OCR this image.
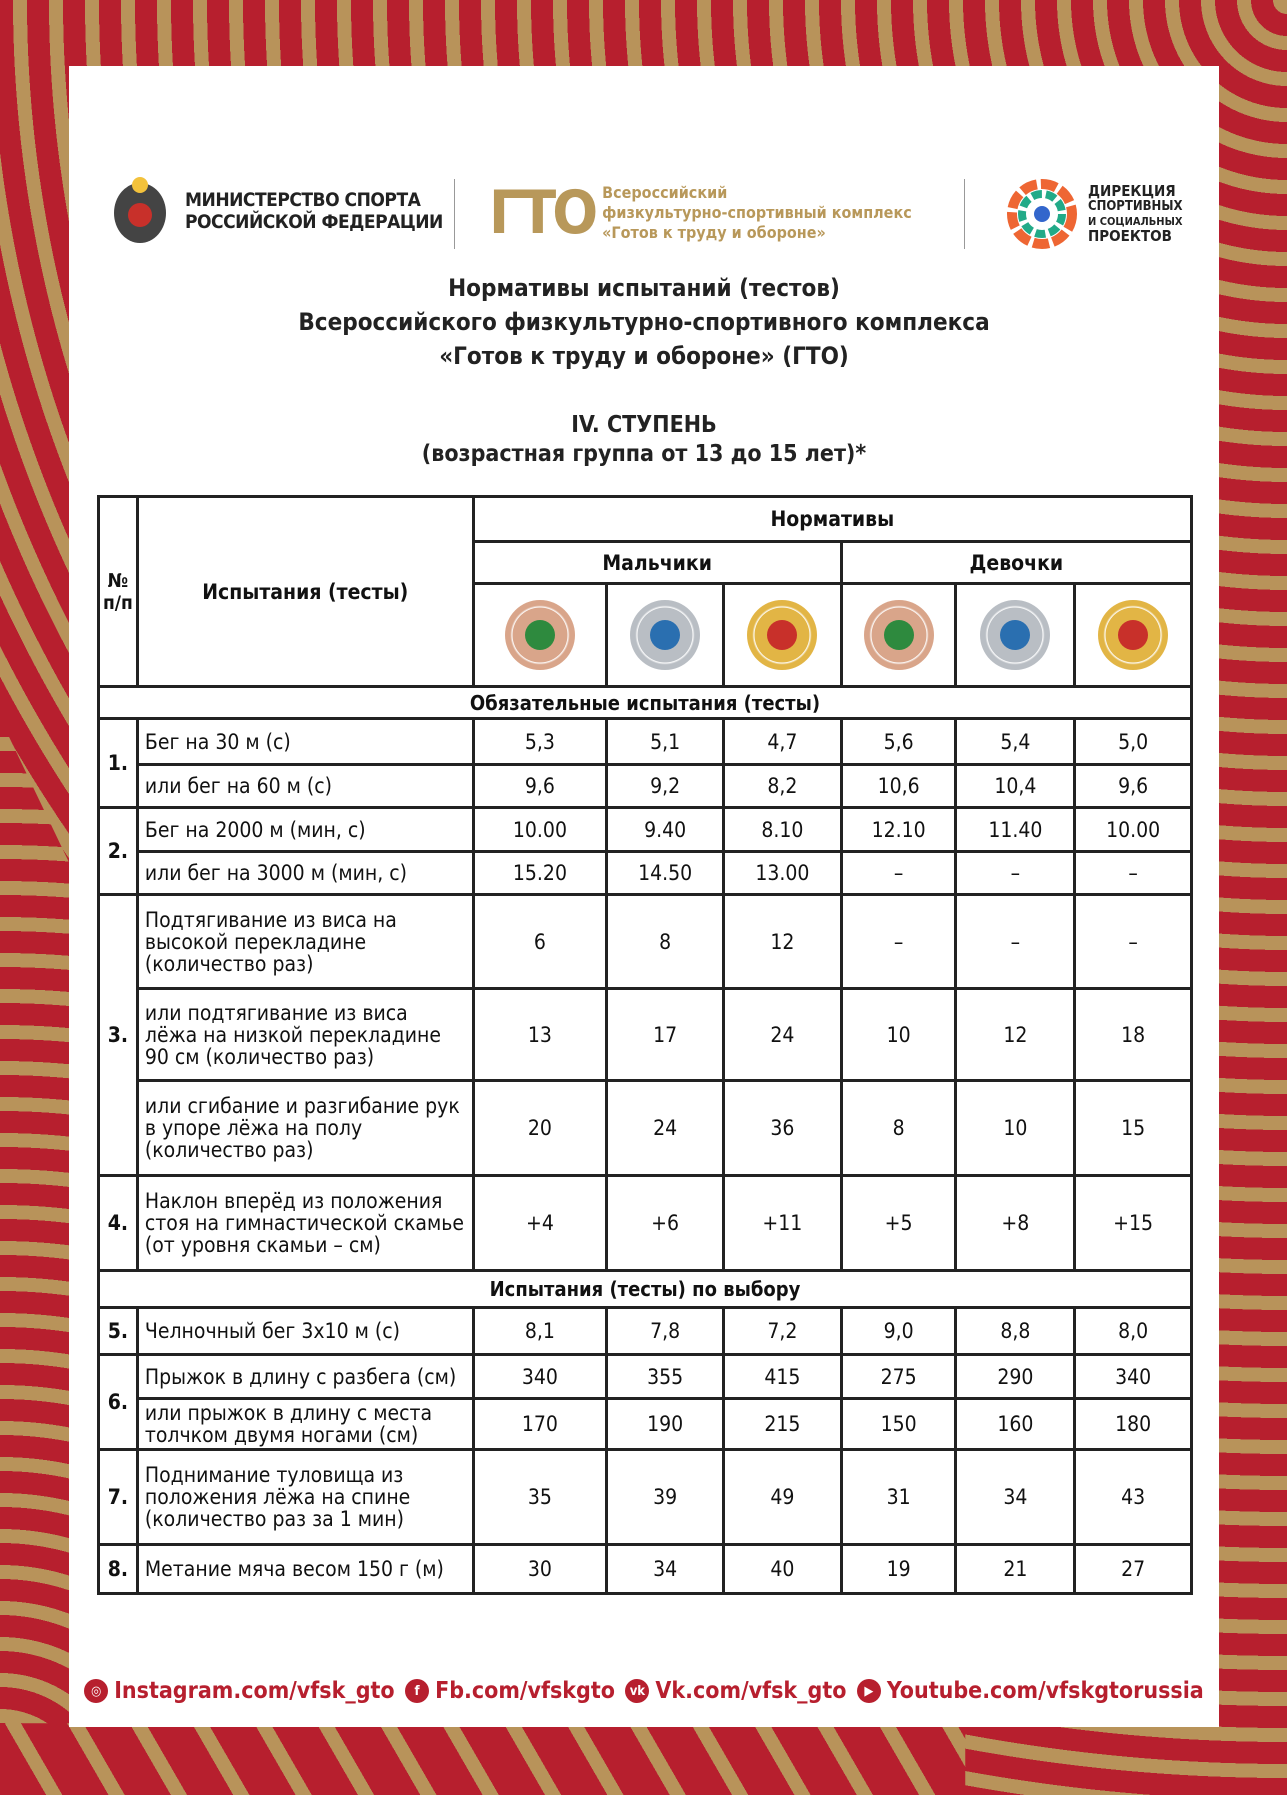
МИНИСТЕРСТВО СПОРТА
РОССИЙСКОЙ ФЕДЕРАЦИИ ГТО Всероссийский
физкультурно-спортивный комплекс
«Готов к труду и обороне»
ДИРЕКЦИЯ
СПОРТИВНЫХ
И СОЦИАЛЬНЫХ
ПРОЕКТОВ
Нормативы испытаний (тестов)
Всероссийского физкультурно-спортивного комплекса
«Готов к труду и обороне» (ГТО)
IV. СТУПЕНЬ
(возрастная группа от 13 до 15 лет)*
№ п/п	Испытания (тесты)	Нормативы					
		Мальчики			Девочки		

Обязательные испытания (тесты)							
1.	Бег на 30 м (с)	5,3	5,1	4,7	5,6	5,4	5,0
	или бег на 60 м (с)	9,6	9,2	8,2	10,6	10,4	9,6
2.	Бег на 2000 м (мин, с)	10.00	9.40	8.10	12.10	11.40	10.00
	или бег на 3000 м (мин, с)	15.20	14.50	13.00	–	–	–
3.	Подтягивание из виса на высокой перекладине (количество раз)	6	8	12	–	–	–
	или подтягивание из виса лёжа на низкой перекладине 90 см (количество раз)	13	17	24	10	12	18
	или сгибание и разгибание рук в упоре лёжа на полу (количество раз)	20	24	36	8	10	15
4.	Наклон вперёд из положения стоя на гимнастической скамье (от уровня скамьи – см)	+4	+6	+11	+5	+8	+15
Испытания (тесты) по выбору							
5.	Челночный бег 3х10 м (с)	8,1	7,8	7,2	9,0	8,8	8,0
6.	Прыжок в длину с разбега (см)	340	355	415	275	290	340
	или прыжок в длину с места толчком двумя ногами (см)	170	190	215	150	160	180
7.	Поднимание туловища из положения лёжа на спине (количество раз за 1 мин)	35	39	49	31	34	43
8.	Метание мяча весом 150 г (м)	30	34	40	19	21	27
◎ Instagram.com/vfsk_gto	f Fb.com/vfskgto	vk Vk.com/vfsk_gto	▶ Youtube.com/vfskgtorussia
